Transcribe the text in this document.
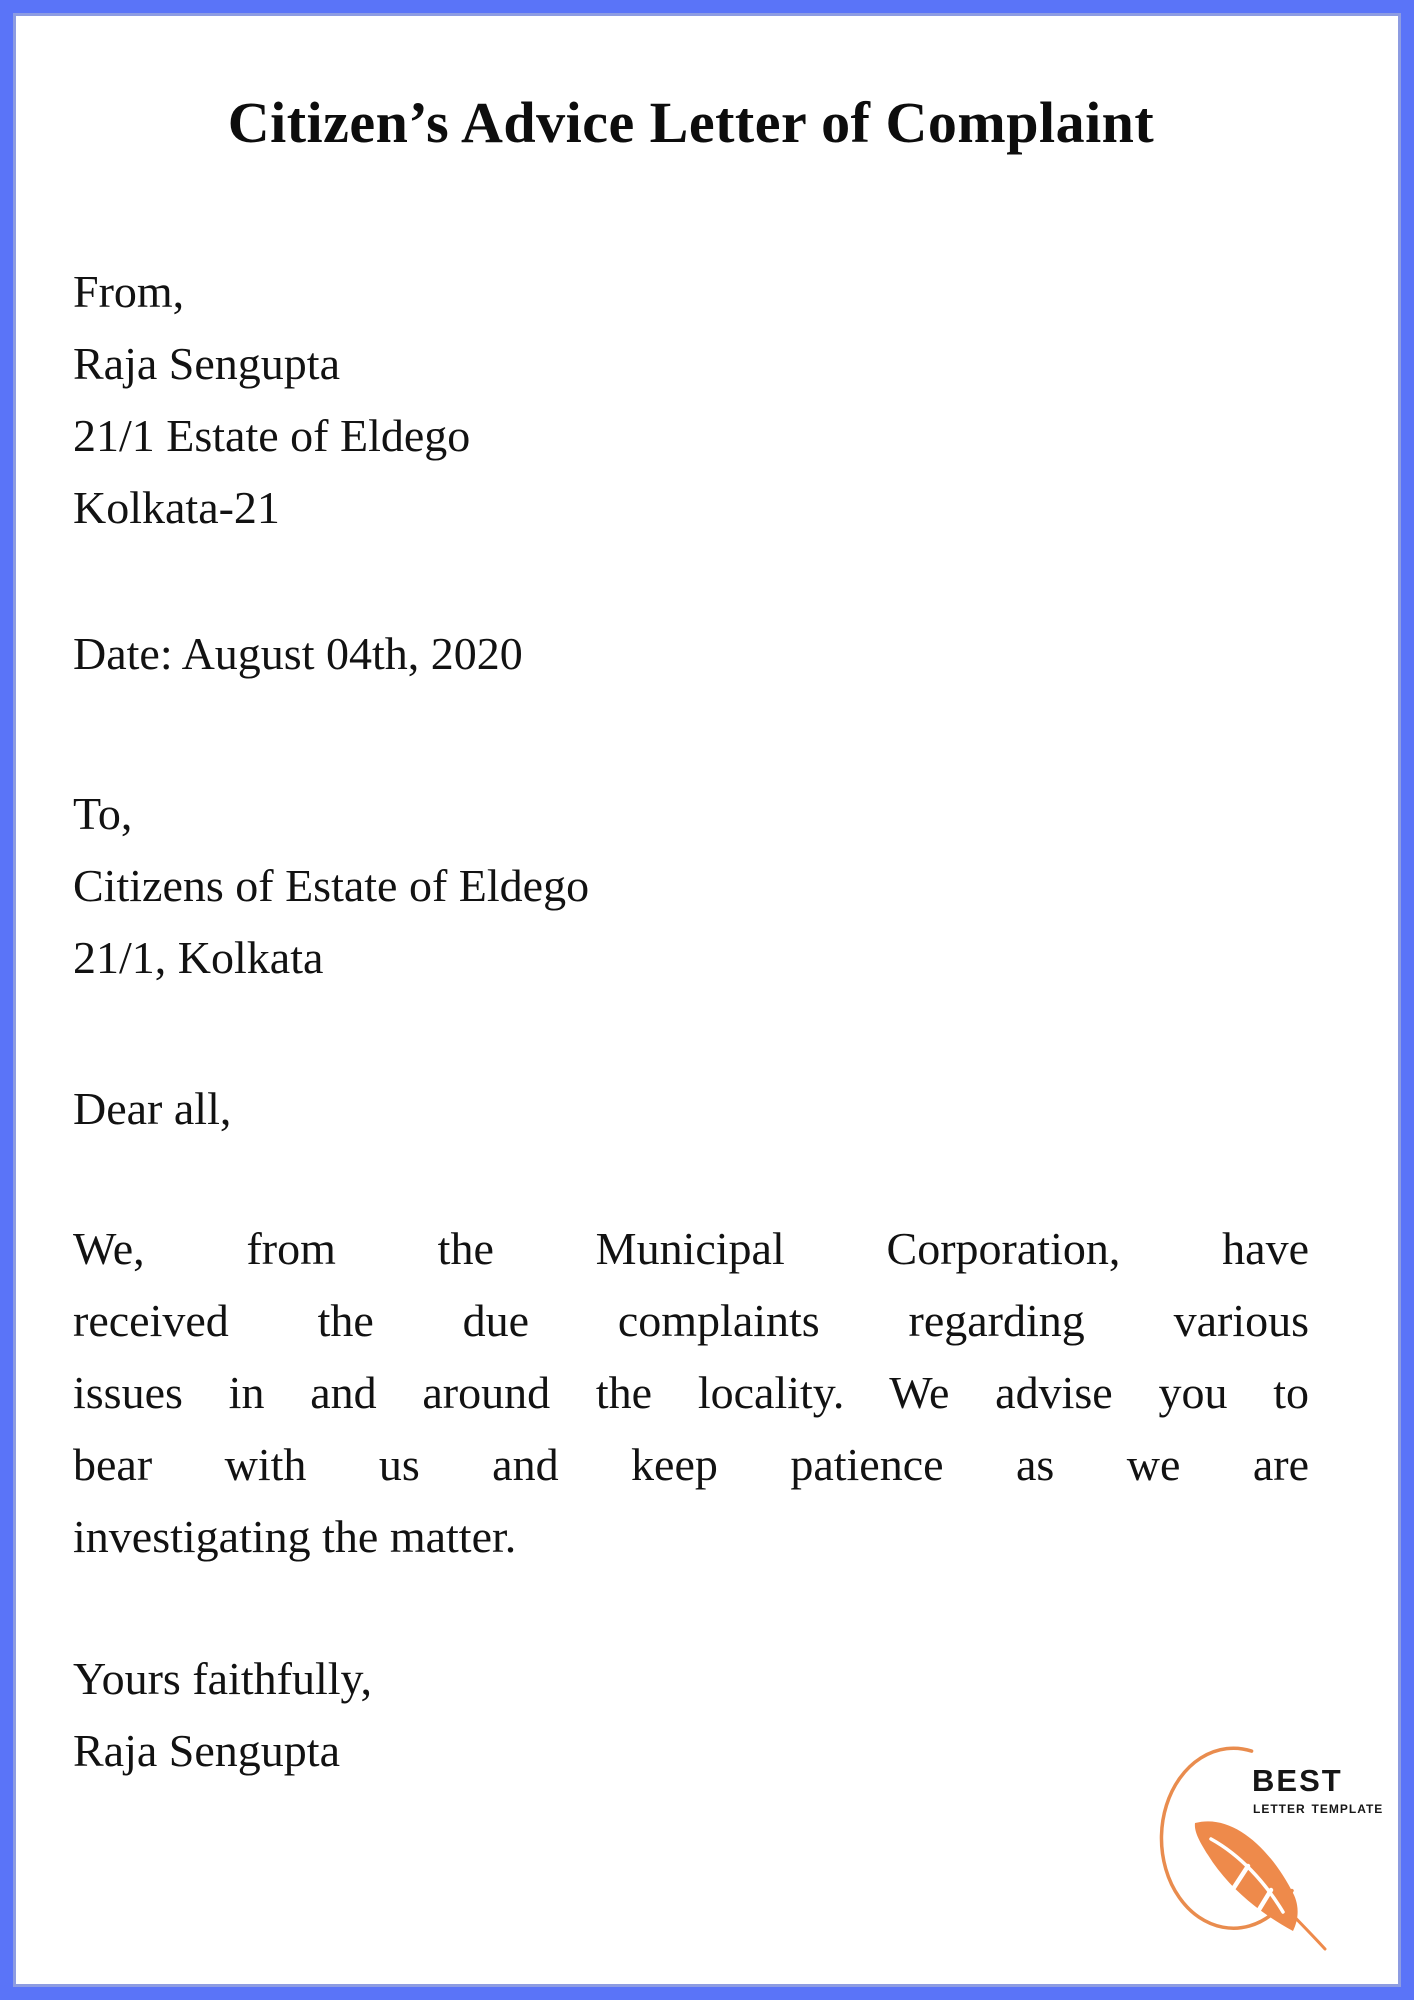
Citizen’s Advice Letter of Complaint
From,
Raja Sengupta
21/1 Estate of Eldego
Kolkata-21
Date: August 04th, 2020
To,
Citizens of Estate of Eldego
21/1, Kolkata
Dear all,
We, from the Municipal Corporation, have
received the due complaints regarding various
issues in and around the locality. We advise you to
bear with us and keep patience as we are
investigating the matter.
Yours faithfully,
Raja Sengupta
best
letter template
